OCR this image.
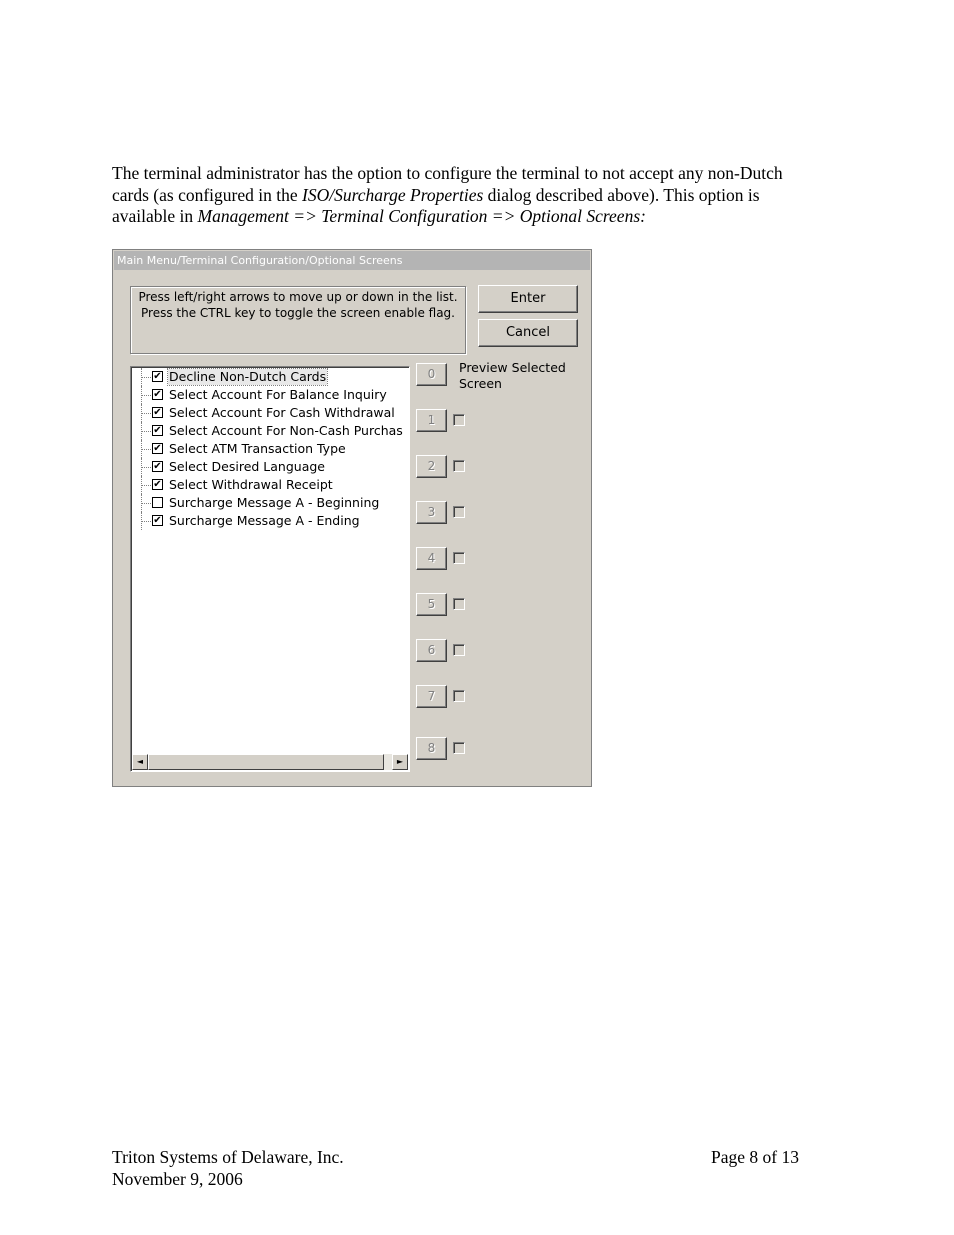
The terminal administrator has the option to configure the terminal to not accept any non-Dutch
cards (as configured in the ISO/Surcharge Properties dialog described above). This option is
available in Management => Terminal Configuration => Optional Screens:
Main Menu/Terminal Configuration/Optional Screens
Press left/right arrows to move up or down in the list. Press the CTRL key to toggle the screen enable flag.
Enter
Cancel
✔ Decline Non-Dutch Cards
✔ Select Account For Balance Inquiry
✔ Select Account For Cash Withdrawal
✔ Select Account For Non-Cash Purchas
✔ Select ATM Transaction Type
✔ Select Desired Language
✔ Select Withdrawal Receipt
Surcharge Message A - Beginning
✔ Surcharge Message A - Ending
◄	►
Preview Selected Screen
0
1
2
3
4
5
6
7
8
Triton Systems of Delaware, Inc.
November 9, 2006
Page 8 of 13
